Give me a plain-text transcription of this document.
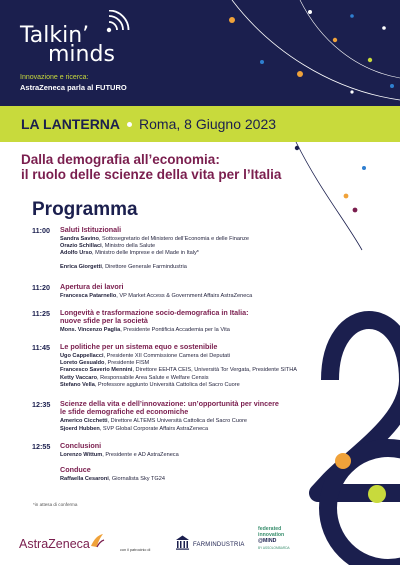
Talkin’
minds
Innovazione e ricerca:
AstraZeneca parla al FUTURO
LA LANTERNA Roma, 8 Giugno 2023
Dalla demografia all’economia:
il ruolo delle scienze della vita per l’Italia
Programma
11:00 Saluti Istituzionali
Sandra Savino, Sottosegretario del Ministero dell’Economia e delle Finanze
Orazio Schillaci, Ministro della Salute
Adolfo Urso, Ministro delle Imprese e del Made in Italy*
Enrica Giorgetti, Direttore Generale Farmindustria
11:20 Apertura dei lavori
Francesca Patarnello, VP Market Access & Government Affairs AstraZeneca
11:25 Longevità e trasformazione socio-demografica in Italia:
nuove sfide per la società
Mons. Vincenzo Paglia, Presidente Pontificia Accademia per la Vita
11:45 Le politiche per un sistema equo e sostenibile
Ugo Cappellacci, Presidente XII Commissione Camera dei Deputati
Loreto Gesualdo, Presidente FISM
Francesco Saverio Mennini, Direttore EEHTA CEIS, Università Tor Vergata, Presidente SITHA
Ketty Vaccaro, Responsabile Area Salute e Welfare Censis
Stefano Vella, Professore aggiunto Università Cattolica del Sacro Cuore
12:35 Scienze della vita e dell’innovazione: un’opportunità per vincere
le sfide demografiche ed economiche
Americo Cicchetti, Direttore ALTEMS Università Cattolica del Sacro Cuore
Sjoerd Hubben, SVP Global Corporate Affairs AstraZeneca
12:55 Conclusioni
Lorenzo Wittum, Presidente e AD AstraZeneca
Conduce
Raffaella Cesaroni, Giornalista Sky TG24
*in attesa di conferma
AstraZeneca	con il patrocinio di
FARMINDUSTRIA
federated
innovation
@MIND
BY ASSOLOMBARDA
